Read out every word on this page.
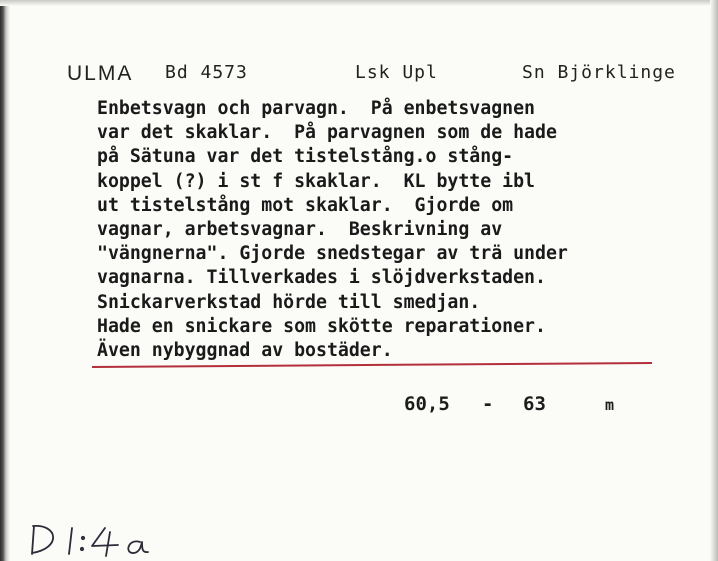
ULMA Bd 4573	Lsk Upl	Sn Björklinge
Enbetsvagn och parvagn.  På enbetsvagnen
var det skaklar.  På parvagnen som de hade
på Sätuna var det tistelstång.o stång-
koppel (?) i st f skaklar.  KL bytte ibl
ut tistelstång mot skaklar.  Gjorde om
vagnar, arbetsvagnar.  Beskrivning av
"vängnerna". Gjorde snedstegar av trä under
vagnarna. Tillverkades i slöjdverkstaden.
Snickarverkstad hörde till smedjan.
Hade en snickare som skötte reparationer.
Även nybyggnad av bostäder.
60,5 - 63	m
